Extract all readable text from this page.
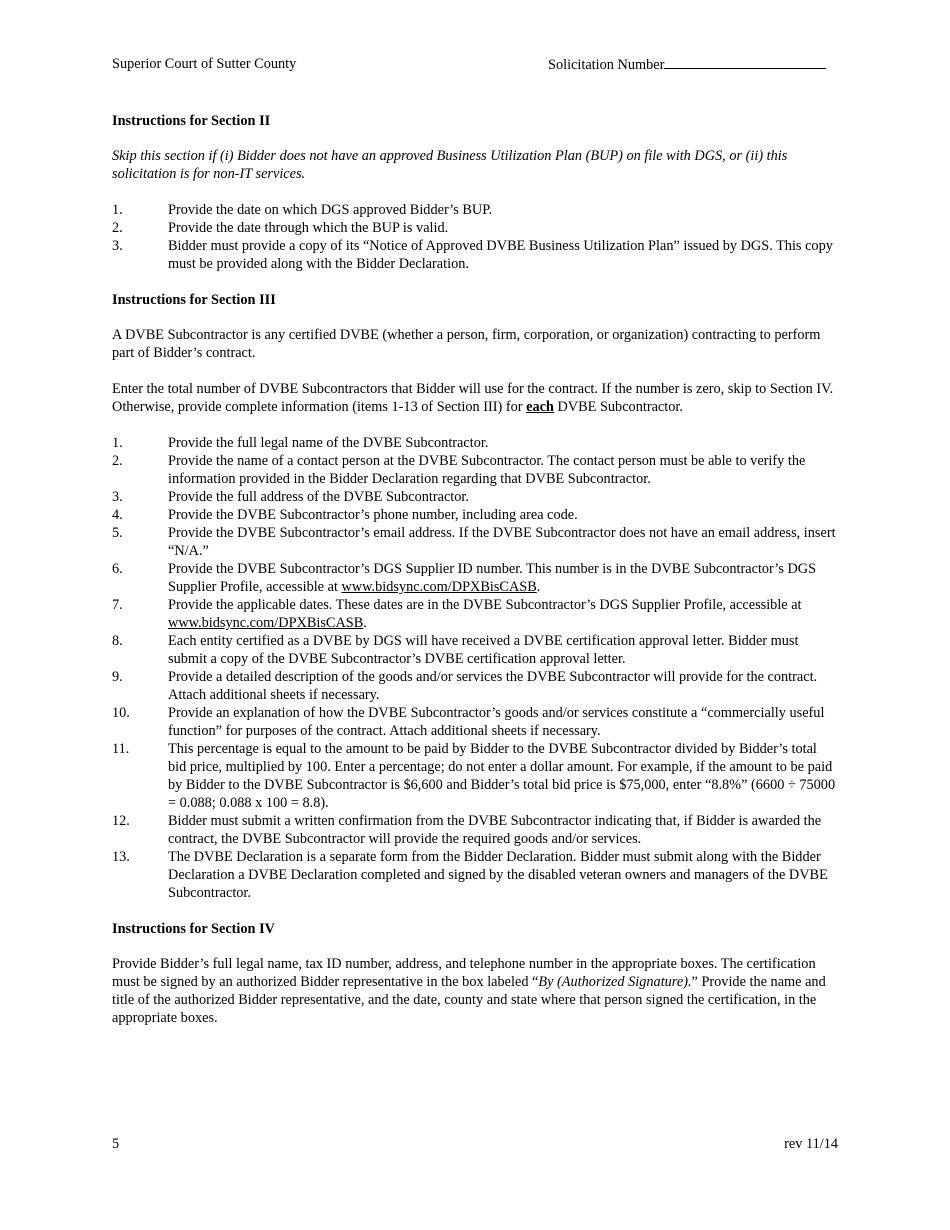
Superior Court of Sutter County	Solicitation Number
Instructions for Section II

Skip this section if (i) Bidder does not have an approved Business Utilization Plan (BUP) on file with DGS, or (ii) this solicitation is for non-IT services.

1.	Provide the date on which DGS approved Bidder’s BUP.
2.	Provide the date through which the BUP is valid.
3.	Bidder must provide a copy of its “Notice of Approved DVBE Business Utilization Plan” issued by DGS. This copy must be provided along with the Bidder Declaration.
Instructions for Section III

A DVBE Subcontractor is any certified DVBE (whether a person, firm, corporation, or organization) contracting to perform part of Bidder’s contract.

Enter the total number of DVBE Subcontractors that Bidder will use for the contract. If the number is zero, skip to Section IV. Otherwise, provide complete information (items 1-13 of Section III) for each DVBE Subcontractor.

1.	Provide the full legal name of the DVBE Subcontractor.
2.	Provide the name of a contact person at the DVBE Subcontractor. The contact person must be able to verify the information provided in the Bidder Declaration regarding that DVBE Subcontractor.
3.	Provide the full address of the DVBE Subcontractor.
4.	Provide the DVBE Subcontractor’s phone number, including area code.
5.	Provide the DVBE Subcontractor’s email address. If the DVBE Subcontractor does not have an email address, insert “N/A.”
6.	Provide the DVBE Subcontractor’s DGS Supplier ID number. This number is in the DVBE Subcontractor’s DGS Supplier Profile, accessible at www.bidsync.com/DPXBisCASB.
7.	Provide the applicable dates. These dates are in the DVBE Subcontractor’s DGS Supplier Profile, accessible at www.bidsync.com/DPXBisCASB.
8.	Each entity certified as a DVBE by DGS will have received a DVBE certification approval letter. Bidder must submit a copy of the DVBE Subcontractor’s DVBE certification approval letter.
9.	Provide a detailed description of the goods and/or services the DVBE Subcontractor will provide for the contract. Attach additional sheets if necessary.
10.	Provide an explanation of how the DVBE Subcontractor’s goods and/or services constitute a “commercially useful function” for purposes of the contract. Attach additional sheets if necessary.
11.	This percentage is equal to the amount to be paid by Bidder to the DVBE Subcontractor divided by Bidder’s total bid price, multiplied by 100. Enter a percentage; do not enter a dollar amount. For example, if the amount to be paid by Bidder to the DVBE Subcontractor is $6,600 and Bidder’s total bid price is $75,000, enter “8.8%” (6600 ÷ 75000 = 0.088; 0.088 x 100 = 8.8).
12.	Bidder must submit a written confirmation from the DVBE Subcontractor indicating that, if Bidder is awarded the contract, the DVBE Subcontractor will provide the required goods and/or services.
13.	The DVBE Declaration is a separate form from the Bidder Declaration. Bidder must submit along with the Bidder Declaration a DVBE Declaration completed and signed by the disabled veteran owners and managers of the DVBE Subcontractor.
Instructions for Section IV

Provide Bidder’s full legal name, tax ID number, address, and telephone number in the appropriate boxes. The certification must be signed by an authorized Bidder representative in the box labeled “By (Authorized Signature).” Provide the name and title of the authorized Bidder representative, and the date, county and state where that person signed the certification, in the appropriate boxes.

5	rev 11/14
